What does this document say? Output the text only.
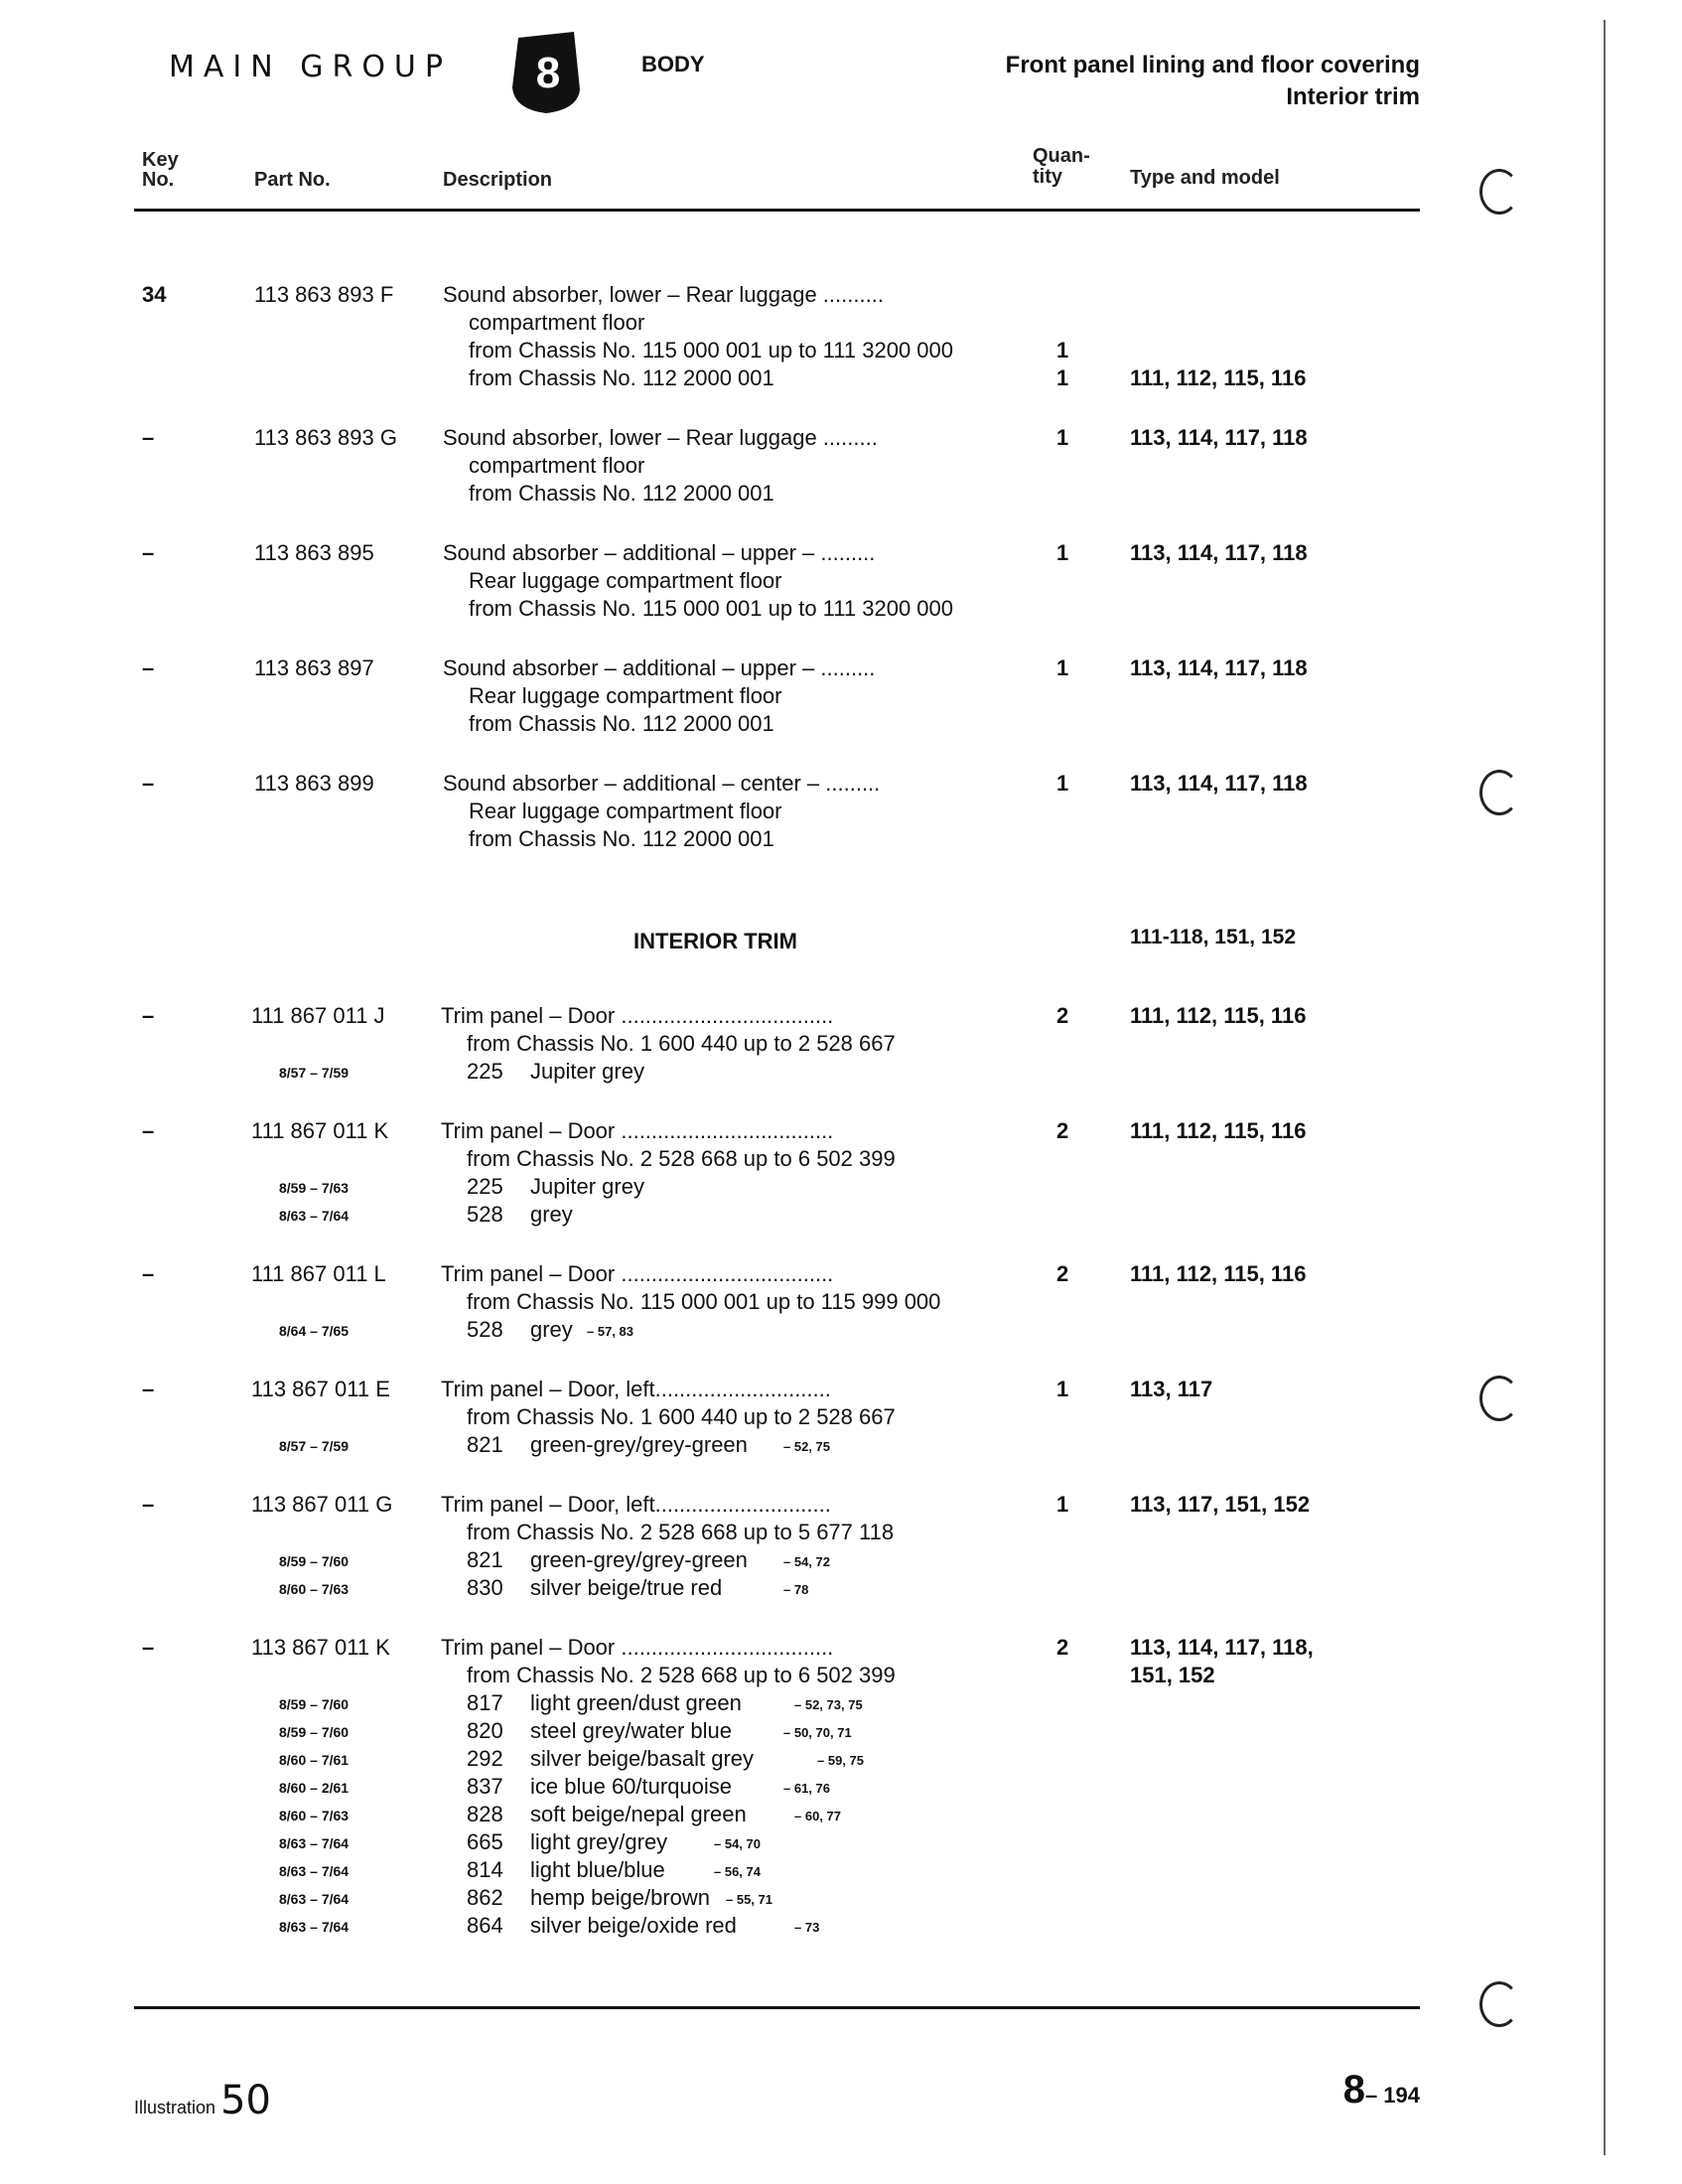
MAIN GROUP 8	BODY	Front panel lining and floor covering
Interior trim
Key
No.	Part No.	Description
Quan-
tity	Type and model
34	113 863 893 F Sound absorber, lower – Rear luggage ..........
compartment floor
from Chassis No. 115 000 001 up to 111 3200 000	1
from Chassis No. 112 2000 001	1	111, 112, 115, 116
–	113 863 893 G Sound absorber, lower – Rear luggage .........	1	113, 114, 117, 118
compartment floor
from Chassis No. 112 2000 001
–	113 863 895	Sound absorber – additional – upper – .........	1	113, 114, 117, 118
Rear luggage compartment floor
from Chassis No. 115 000 001 up to 111 3200 000
–	113 863 897	Sound absorber – additional – upper – .........	1	113, 114, 117, 118
Rear luggage compartment floor
from Chassis No. 112 2000 001
–	113 863 899	Sound absorber – additional – center – .........	1	113, 114, 117, 118
Rear luggage compartment floor
from Chassis No. 112 2000 001
INTERIOR TRIM	111-118, 151, 152
–	111 867 011 J	Trim panel – Door ...................................	2	111, 112, 115, 116
from Chassis No. 1 600 440 up to 2 528 667
8/57 – 7/59	225 Jupiter grey
–	111 867 011 K Trim panel – Door ...................................	2	111, 112, 115, 116
from Chassis No. 2 528 668 up to 6 502 399
8/59 – 7/63	225 Jupiter grey
8/63 – 7/64	528 grey
–	111 867 011 L	Trim panel – Door ...................................	2	111, 112, 115, 116
from Chassis No. 115 000 001 up to 115 999 000
8/64 – 7/65	528 grey – 57, 83
–	113 867 011 E Trim panel – Door, left.............................	1	113, 117
from Chassis No. 1 600 440 up to 2 528 667
8/57 – 7/59	821 green-grey/grey-green	– 52, 75
–	113 867 011 G Trim panel – Door, left.............................	1	113, 117, 151, 152
from Chassis No. 2 528 668 up to 5 677 118
8/59 – 7/60	821 green-grey/grey-green	– 54, 72
8/60 – 7/63	830 silver beige/true red	– 78
–	113 867 011 K Trim panel – Door ...................................	2	113, 114, 117, 118,
151, 152
from Chassis No. 2 528 668 up to 6 502 399
8/59 – 7/60	817 light green/dust green	– 52, 73, 75
8/59 – 7/60	820 steel grey/water blue	– 50, 70, 71
8/60 – 7/61	292 silver beige/basalt grey	– 59, 75
8/60 – 2/61	837 ice blue 60/turquoise	– 61, 76
8/60 – 7/63	828 soft beige/nepal green	– 60, 77
8/63 – 7/64	665 light grey/grey	– 54, 70
8/63 – 7/64	814 light blue/blue	– 56, 74
8/63 – 7/64	862 hemp beige/brown – 55, 71
8/63 – 7/64	864 silver beige/oxide red	– 73
Illustration 50	8– 194
